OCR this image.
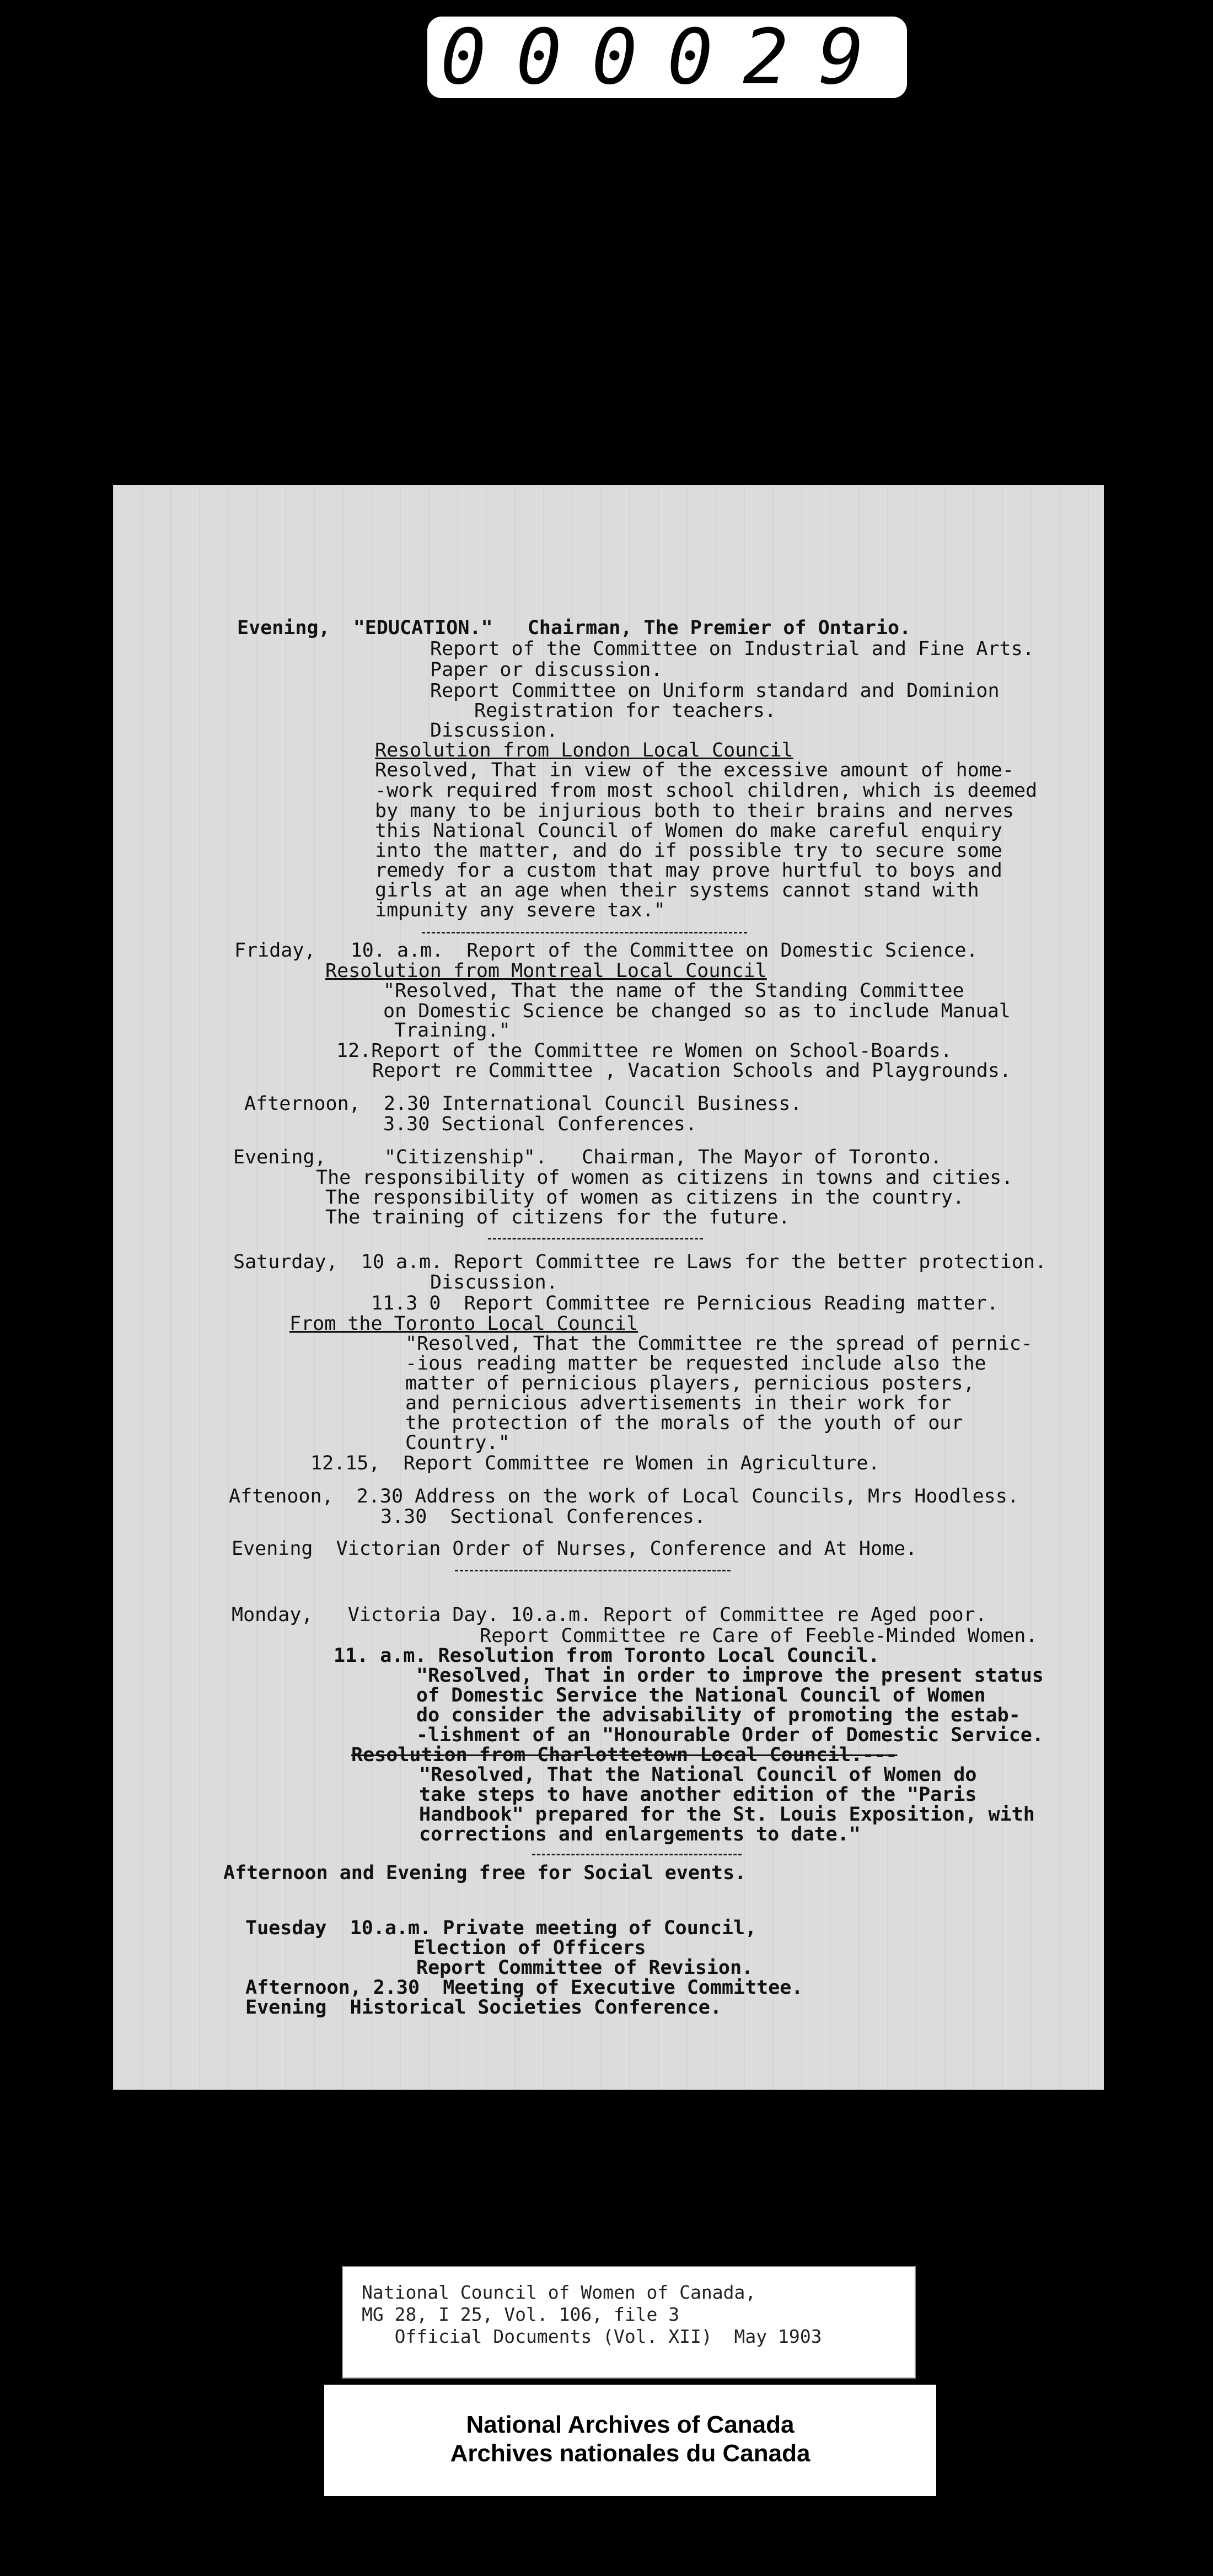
000029
Evening,  "EDUCATION."   Chairman, The Premier of Ontario.
Report of the Committee on Industrial and Fine Arts.
Paper or discussion.
Report Committee on Uniform standard and Dominion
Registration for teachers.
Discussion.
Resolution from London Local Council
Resolved, That in view of the excessive amount of home-
-work required from most school children, which is deemed
by many to be injurious both to their brains and nerves
this National Council of Women do make careful enquiry
into the matter, and do if possible try to secure some
remedy for a custom that may prove hurtful to boys and
girls at an age when their systems cannot stand with
impunity any severe tax."
Friday,   10. a.m.  Report of the Committee on Domestic Science.
Resolution from Montreal Local Council
"Resolved, That the name of the Standing Committee
on Domestic Science be changed so as to include Manual
Training."
12.Report of the Committee re Women on School-Boards.
Report re Committee , Vacation Schools and Playgrounds.
Afternoon,  2.30 International Council Business.
3.30 Sectional Conferences.
Evening,     "Citizenship".   Chairman, The Mayor of Toronto.
The responsibility of women as citizens in towns and cities.
The responsibility of women as citizens in the country.
The training of citizens for the future.
Saturday,  10 a.m. Report Committee re Laws for the better protection.
Discussion.
11.3 0  Report Committee re Pernicious Reading matter.
From the Toronto Local Council
"Resolved, That the Committee re the spread of pernic-
-ious reading matter be requested include also the
matter of pernicious players, pernicious posters,
and pernicious advertisements in their work for
the protection of the morals of the youth of our
Country."
12.15,  Report Committee re Women in Agriculture.
Aftenoon,  2.30 Address on the work of Local Councils, Mrs Hoodless.
3.30  Sectional Conferences.
Evening  Victorian Order of Nurses, Conference and At Home.
Monday,   Victoria Day. 10.a.m. Report of Committee re Aged poor.
Report Committee re Care of Feeble-Minded Women.
11. a.m. Resolution from Toronto Local Council.
"Resolved, That in order to improve the present status
of Domestic Service the National Council of Women
do consider the advisability of promoting the estab-
-lishment of an "Honourable Order of Domestic Service.
Resolution from Charlottetown Local Council.---
"Resolved, That the National Council of Women do
take steps to have another edition of the "Paris
Handbook" prepared for the St. Louis Exposition, with
corrections and enlargements to date."
Afternoon and Evening free for Social events.
Tuesday  10.a.m. Private meeting of Council,
Election of Officers
Report Committee of Revision.
Afternoon, 2.30  Meeting of Executive Committee.
Evening  Historical Societies Conference.
National Council of Women of Canada,
MG 28, I 25, Vol. 106, file 3
Official Documents (Vol. XII)  May 1903
National Archives of Canada
Archives nationales du Canada
